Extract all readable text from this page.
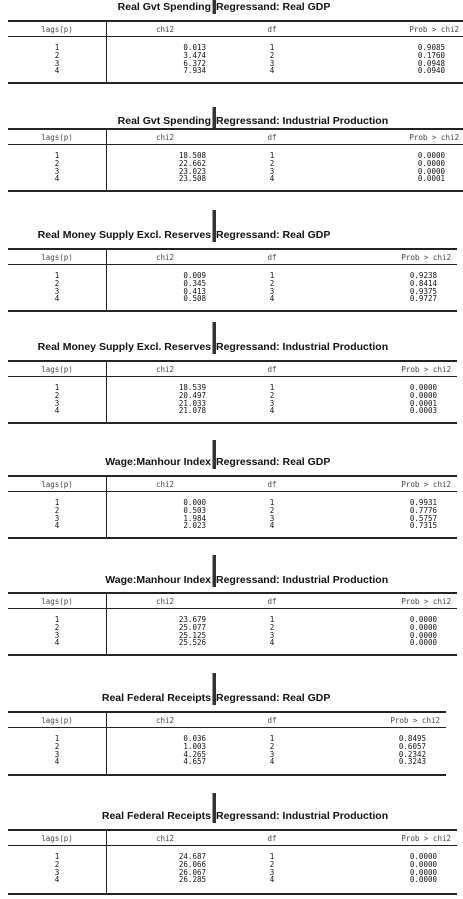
Real Gvt Spending Regressand: Real GDP
lags(p)	chi2	df	Prob > chi2
1	0.013	1	0.9085
2	3.474	2	0.1760
3	6.372	3	0.0948
4	7.934	4	0.0940
Real Gvt Spending Regressand: Industrial Production
lags(p)	chi2	df	Prob > chi2
1	18.508	1	0.0000
2	22.662	2	0.0000
3	23.023	3	0.0000
4	23.508	4	0.0001
Real Money Supply Excl. Reserves Regressand: Real GDP
lags(p)	chi2	df	Prob > chi2
1	0.009	1	0.9238
2	0.345	2	0.8414
3	0.413	3	0.9375
4	0.508	4	0.9727
Real Money Supply Excl. Reserves Regressand: Industrial Production
lags(p)	chi2	df	Prob > chi2
1	18.539	1	0.0000
2	20.497	2	0.0000
3	21.033	3	0.0001
4	21.078	4	0.0003
Wage:Manhour Index Regressand: Real GDP
lags(p)	chi2	df	Prob > chi2
1	0.000	1	0.9931
2	0.503	2	0.7776
3	1.984	3	0.5757
4	2.023	4	0.7315
Wage:Manhour Index Regressand: Industrial Production
lags(p)	chi2	df	Prob > chi2
1	23.679	1	0.0000
2	25.077	2	0.0000
3	25.125	3	0.0000
4	25.526	4	0.0000
Real Federal Receipts Regressand: Real GDP
lags(p)	chi2	df	Prob > chi2
1	0.036	1	0.8495
2	1.003	2	0.6057
3	4.265	3	0.2342
4	4.657	4	0.3243
Real Federal Receipts Regressand: Industrial Production
lags(p)	chi2	df	Prob > chi2
1	24.687	1	0.0000
2	26.066	2	0.0000
3	26.067	3	0.0000
4	26.285	4	0.0000
